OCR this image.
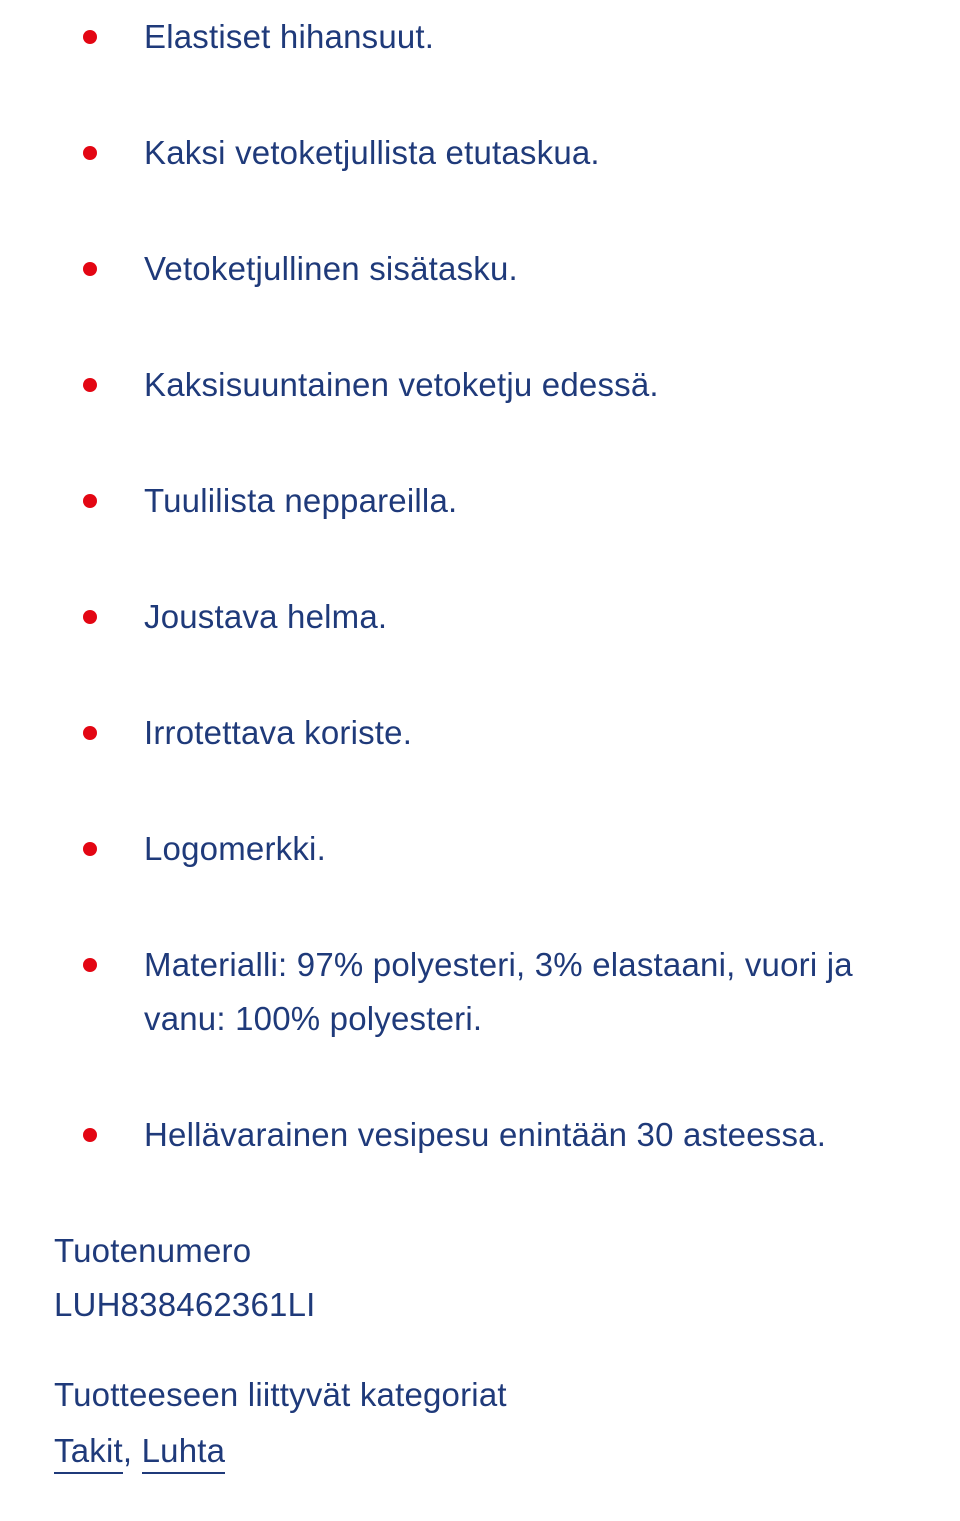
Elastiset hihansuut.
Kaksi vetoketjullista etutaskua.
Vetoketjullinen sisätasku.
Kaksisuuntainen vetoketju edessä.
Tuulilista neppareilla.
Joustava helma.
Irrotettava koriste.
Logomerkki.
Materialli: 97% polyesteri, 3% elastaani, vuori ja vanu: 100% polyesteri.
Hellävarainen vesipesu enintään 30 asteessa.
Tuotenumero
LUH838462361LI
Tuotteeseen liittyvät kategoriat
Takit, Luhta
